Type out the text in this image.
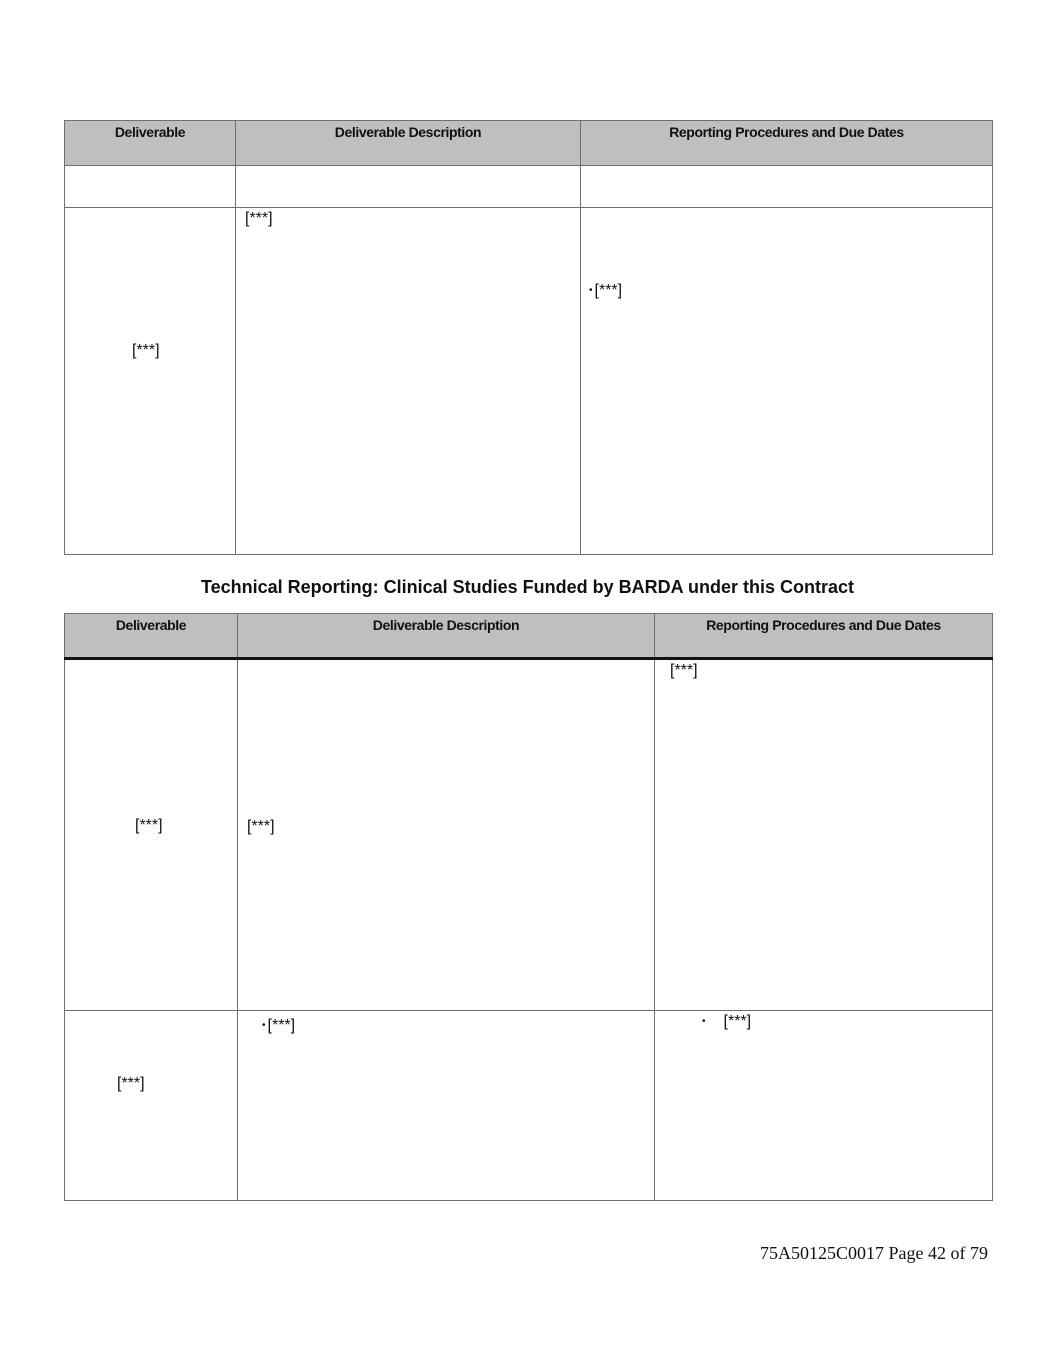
Deliverable	Deliverable Description	Reporting Procedures and Due Dates

[***]	[***]	• [***]
Technical Reporting: Clinical Studies Funded by BARDA under this Contract
Deliverable	Deliverable Description	Reporting Procedures and Due Dates

[***]	[***]	[***]

[***]	• [***]	• [***]
75A50125C0017 Page 42 of 79
